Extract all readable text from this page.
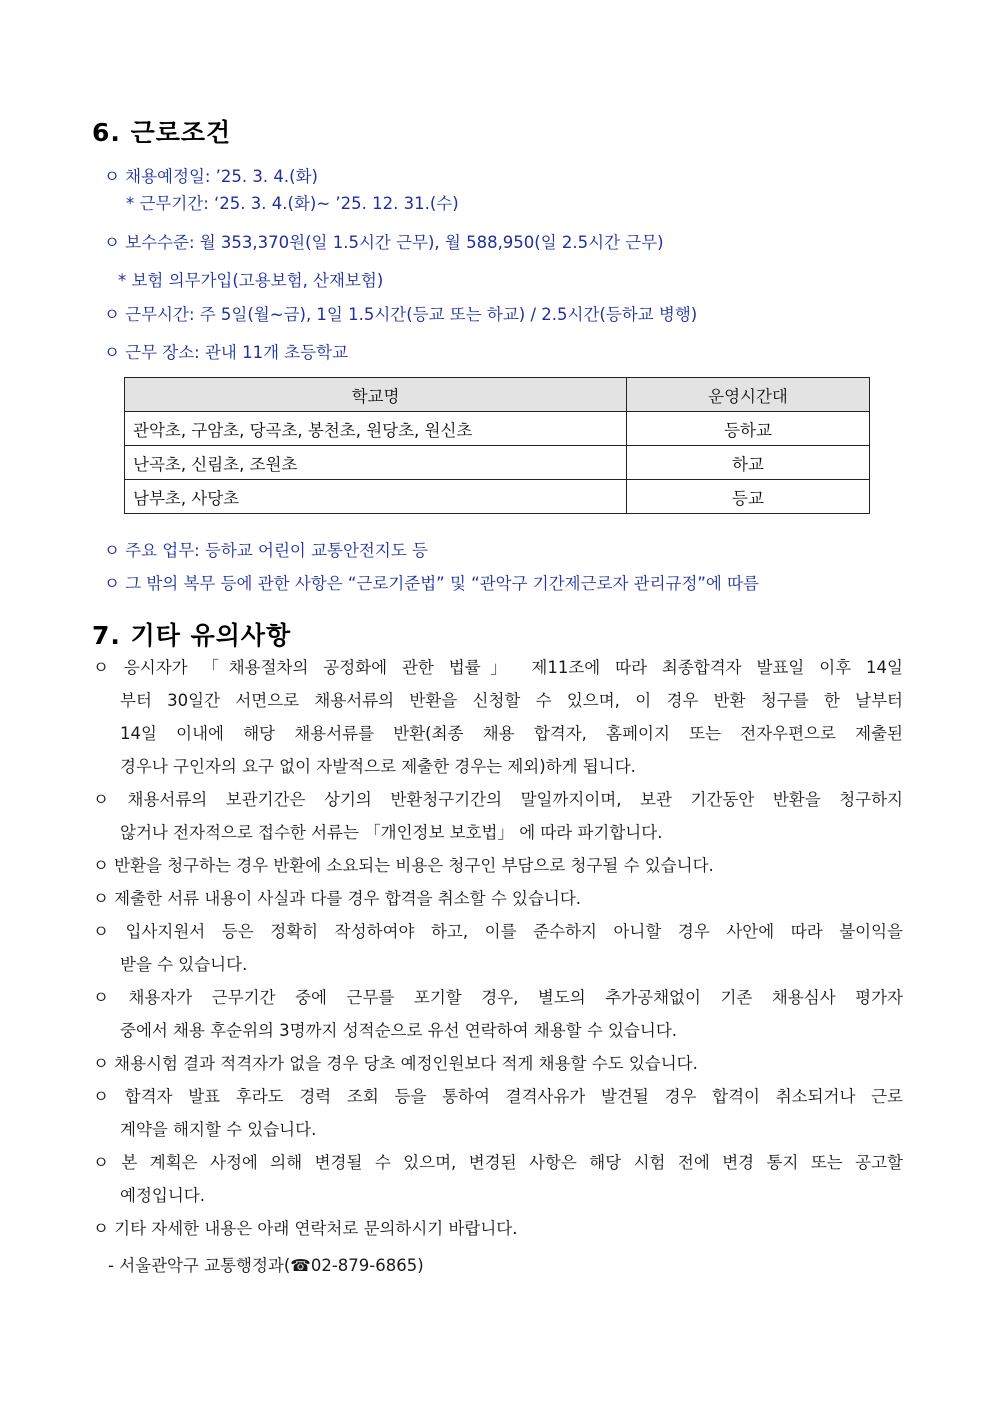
6. 근로조건
ㅇ 채용예정일: ’25. 3. 4.(화)
* 근무기간: ‘25. 3. 4.(화)~ ’25. 12. 31.(수)
ㅇ 보수수준: 월 353,370원(일 1.5시간 근무), 월 588,950(일 2.5시간 근무)
* 보험 의무가입(고용보험, 산재보험)
ㅇ 근무시간: 주 5일(월~금), 1일 1.5시간(등교 또는 하교) / 2.5시간(등하교 병행)
ㅇ 근무 장소: 관내 11개 초등학교
학교명	운영시간대
관악초, 구암초, 당곡초, 봉천초, 원당초, 원신초	등하교
난곡초, 신림초, 조원초	하교
남부초, 사당초	등교
ㅇ 주요 업무: 등하교 어린이 교통안전지도 등
ㅇ 그 밖의 복무 등에 관한 사항은 “근로기준법” 및 “관악구 기간제근로자 관리규정”에 따름
7. 기타 유의사항
ㅇ 응시자가 「채용절차의 공정화에 관한 법률」 제11조에 따라 최종합격자 발표일 이후 14일
부터 30일간 서면으로 채용서류의 반환을 신청할 수 있으며, 이 경우 반환 청구를 한 날부터
14일 이내에 해당 채용서류를 반환(최종 채용 합격자, 홈페이지 또는 전자우편으로 제출된
경우나 구인자의 요구 없이 자발적으로 제출한 경우는 제외)하게 됩니다.
ㅇ 채용서류의 보관기간은 상기의 반환청구기간의 말일까지이며, 보관 기간동안 반환을 청구하지
않거나 전자적으로 접수한 서류는 「개인정보 보호법」 에 따라 파기합니다.
ㅇ 반환을 청구하는 경우 반환에 소요되는 비용은 청구인 부담으로 청구될 수 있습니다.
ㅇ 제출한 서류 내용이 사실과 다를 경우 합격을 취소할 수 있습니다.
ㅇ 입사지원서 등은 정확히 작성하여야 하고, 이를 준수하지 아니할 경우 사안에 따라 불이익을
받을 수 있습니다.
ㅇ 채용자가 근무기간 중에 근무를 포기할 경우, 별도의 추가공채없이 기존 채용심사 평가자
중에서 채용 후순위의 3명까지 성적순으로 유선 연락하여 채용할 수 있습니다.
ㅇ 채용시험 결과 적격자가 없을 경우 당초 예정인원보다 적게 채용할 수도 있습니다.
ㅇ 합격자 발표 후라도 경력 조회 등을 통하여 결격사유가 발견될 경우 합격이 취소되거나 근로
계약을 해지할 수 있습니다.
ㅇ 본 계획은 사정에 의해 변경될 수 있으며, 변경된 사항은 해당 시험 전에 변경 통지 또는 공고할
예정입니다.
ㅇ 기타 자세한 내용은 아래 연락처로 문의하시기 바랍니다.
- 서울관악구 교통행정과(☎02-879-6865)
